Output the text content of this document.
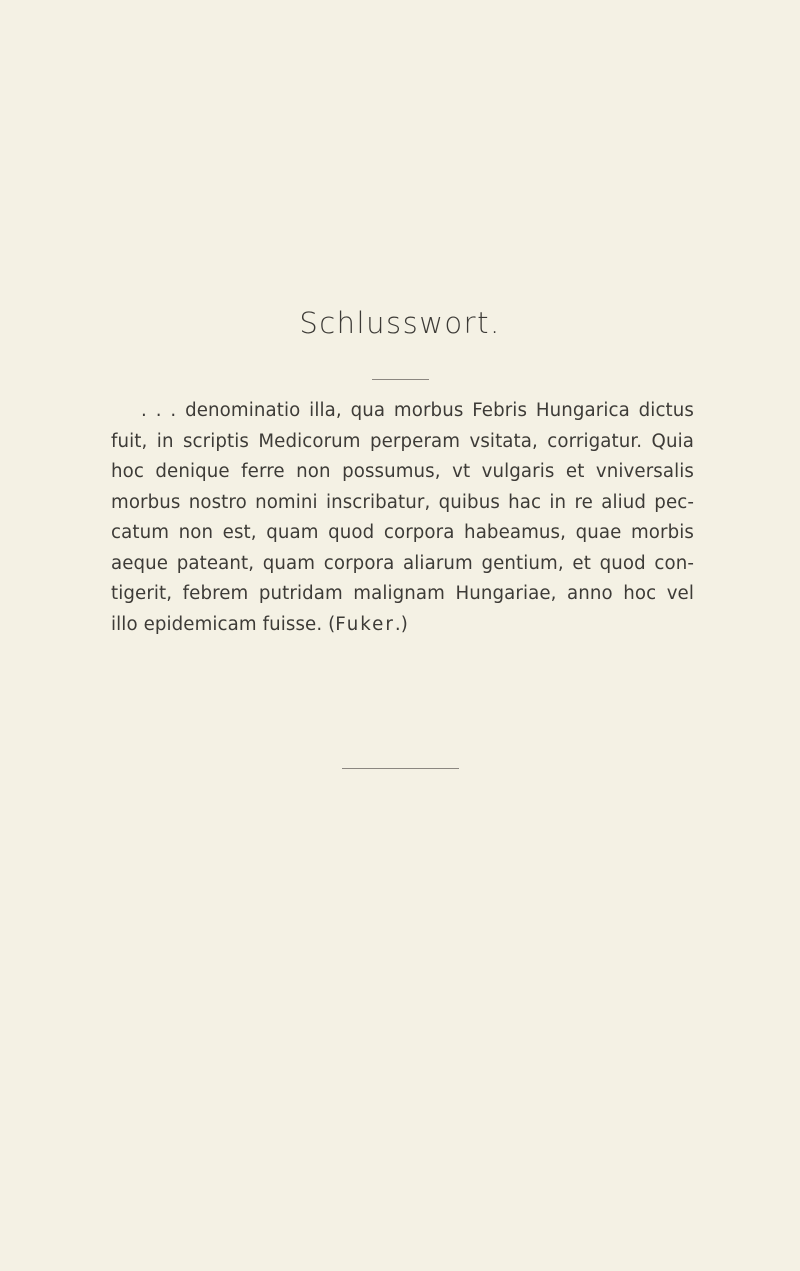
Schlusswort.

. . . denominatio illa, qua morbus Febris Hungarica dictus fuit, in scriptis Medicorum perperam vsitata, corrigatur. Quia hoc denique ferre non possumus, vt vulgaris et vniversalis morbus nostro nomini inscribatur, quibus hac in re aliud pec-catum non est, quam quod corpora habeamus, quae morbis aeque pateant, quam corpora aliarum gentium, et quod con-tigerit, febrem putridam malignam Hungariae, anno hoc vel illo epidemicam fuisse. (Fuker.)
